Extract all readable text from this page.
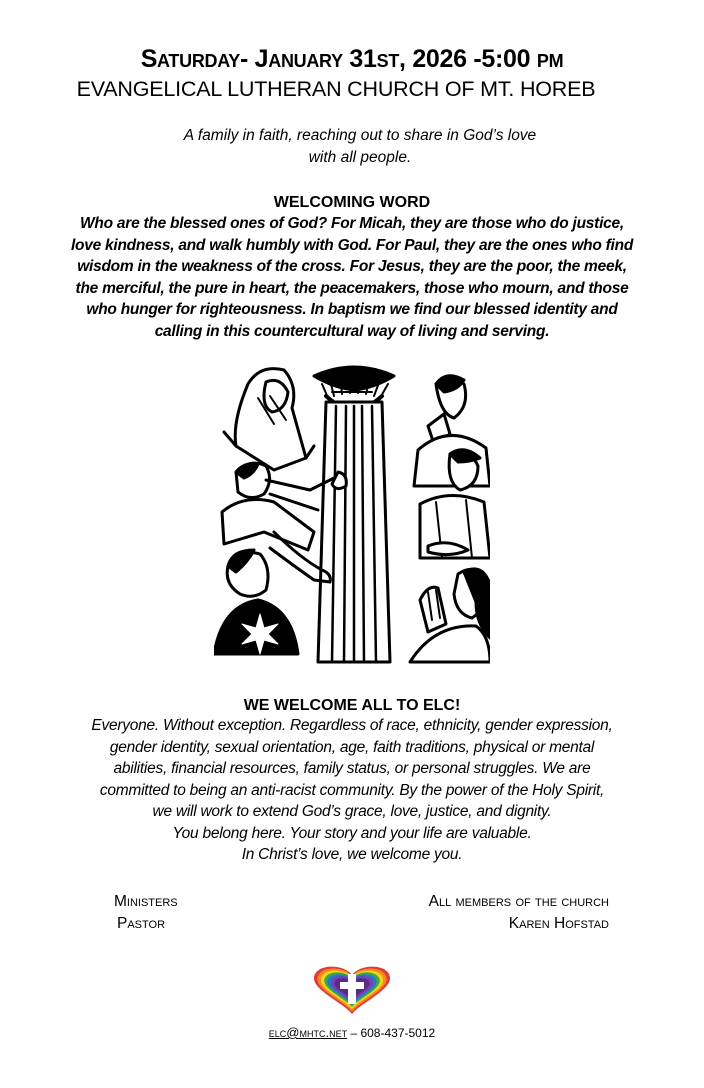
Saturday- January 31st, 2026 -5:00 pm
EVANGELICAL LUTHERAN CHURCH OF MT. HOREB
A family in faith, reaching out to share in God’s love
with all people.
WELCOMING WORD
Who are the blessed ones of God? For Micah, they are those who do justice,
love kindness, and walk humbly with God. For Paul, they are the ones who find
wisdom in the weakness of the cross. For Jesus, they are the poor, the meek,
the merciful, the pure in heart, the peacemakers, those who mourn, and those
who hunger for righteousness. In baptism we find our blessed identity and
calling in this countercultural way of living and serving.
WE WELCOME ALL TO ELC!
Everyone. Without exception. Regardless of race, ethnicity, gender expression,
gender identity, sexual orientation, age, faith traditions, physical or mental
abilities, financial resources, family status, or personal struggles. We are
committed to being an anti-racist community. By the power of the Holy Spirit,
we will work to extend God’s grace, love, justice, and dignity.
You belong here. Your story and your life are valuable.
In Christ’s love, we welcome you.
Ministers
Pastor
All members of the church
Karen Hofstad
elc@mhtc.net – 608-437-5012
